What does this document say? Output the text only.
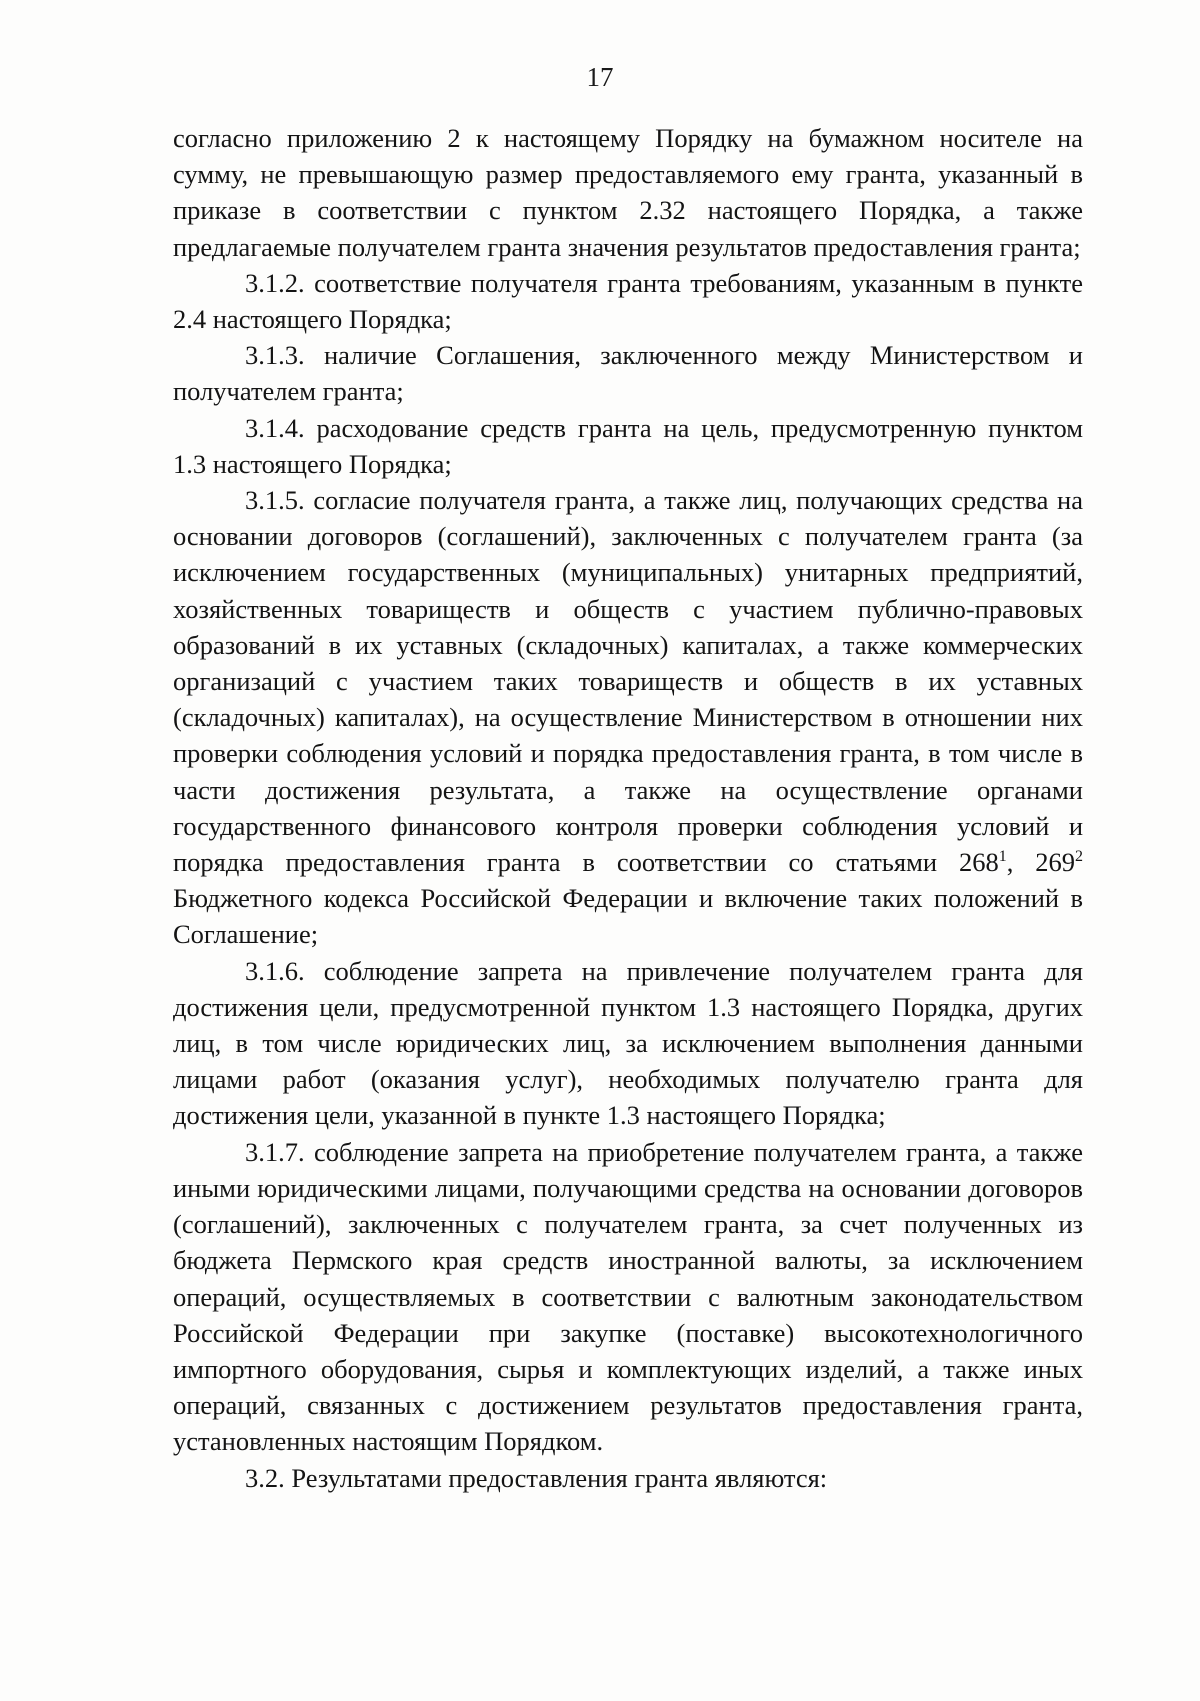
17

согласно приложению 2 к настоящему Порядку на бумажном носителе на сумму, не превышающую размер предоставляемого ему гранта, указанный в приказе в соответствии с пунктом 2.32 настоящего Порядка, а также предлагаемые получателем гранта значения результатов предоставления гранта;

3.1.2. соответствие получателя гранта требованиям, указанным в пункте 2.4 настоящего Порядка;

3.1.3. наличие Соглашения, заключенного между Министерством и получателем гранта;

3.1.4. расходование средств гранта на цель, предусмотренную пунктом 1.3 настоящего Порядка;

3.1.5. согласие получателя гранта, а также лиц, получающих средства на основании договоров (соглашений), заключенных с получателем гранта (за исключением государственных (муниципальных) унитарных предприятий, хозяйственных товариществ и обществ с участием публично-правовых образований в их уставных (складочных) капиталах, а также коммерческих организаций с участием таких товариществ и обществ в их уставных (складочных) капиталах), на осуществление Министерством в отношении них проверки соблюдения условий и порядка предоставления гранта, в том числе в части достижения результата, а также на осуществление органами государственного финансового контроля проверки соблюдения условий и порядка предоставления гранта в соответствии со статьями $268^1$, $269^2$ Бюджетного кодекса Российской Федерации и включение таких положений в Соглашение;

3.1.6. соблюдение запрета на привлечение получателем гранта для достижения цели, предусмотренной пунктом 1.3 настоящего Порядка, других лиц, в том числе юридических лиц, за исключением выполнения данными лицами работ (оказания услуг), необходимых получателю гранта для достижения цели, указанной в пункте 1.3 настоящего Порядка;

3.1.7. соблюдение запрета на приобретение получателем гранта, а также иными юридическими лицами, получающими средства на основании договоров (соглашений), заключенных с получателем гранта, за счет полученных из бюджета Пермского края средств иностранной валюты, за исключением операций, осуществляемых в соответствии с валютным законодательством Российской Федерации при закупке (поставке) высокотехнологичного импортного оборудования, сырья и комплектующих изделий, а также иных операций, связанных с достижением результатов предоставления гранта, установленных настоящим Порядком.

3.2. Результатами предоставления гранта являются:
